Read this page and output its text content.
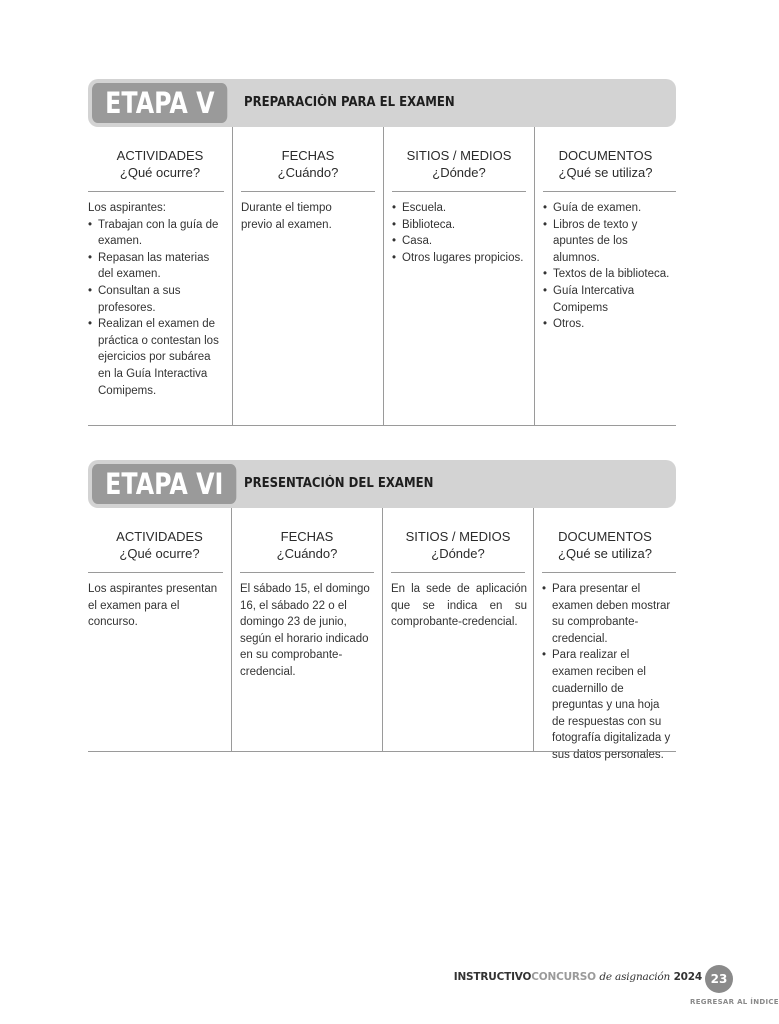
ETAPA V	PREPARACIÓN PARA EL EXAMEN
ACTIVIDADES
¿Qué ocurre?
Los aspirantes:
• Trabajan con la guía de examen.
• Repasan las materias del examen.
• Consultan a sus profesores.
• Realizan el examen de práctica o contestan los ejercicios por subárea en la Guía Interactiva Comipems.
FECHAS
¿Cuándo?
Durante el tiempo previo al examen.
SITIOS / MEDIOS
¿Dónde?
• Escuela.
• Biblioteca.
• Casa.
• Otros lugares propicios.
DOCUMENTOS
¿Qué se utiliza?
• Guía de examen.
• Libros de texto y apuntes de los alumnos.
• Textos de la biblioteca.
• Guía Intercativa Comipems
• Otros.
ETAPA VI	PRESENTACIÓN DEL EXAMEN
ACTIVIDADES
¿Qué ocurre?
Los aspirantes presentan el examen para el concurso.
FECHAS
¿Cuándo?
El sábado 15, el domingo 16, el sábado 22 o el domingo 23 de junio, según el horario indicado en su comprobante-credencial.
SITIOS / MEDIOS
¿Dónde?
En la sede de aplicación que se indica en su comprobante-credencial.
DOCUMENTOS
¿Qué se utiliza?
• Para presentar el examen deben mostrar su comprobante-credencial.
• Para realizar el examen reciben el cuadernillo de preguntas y una hoja de respuestas con su fotografía digitalizada y sus datos personales.
INSTRUCTIVOCONCURSO de asignación 2024 23
REGRESAR AL ÍNDICE
